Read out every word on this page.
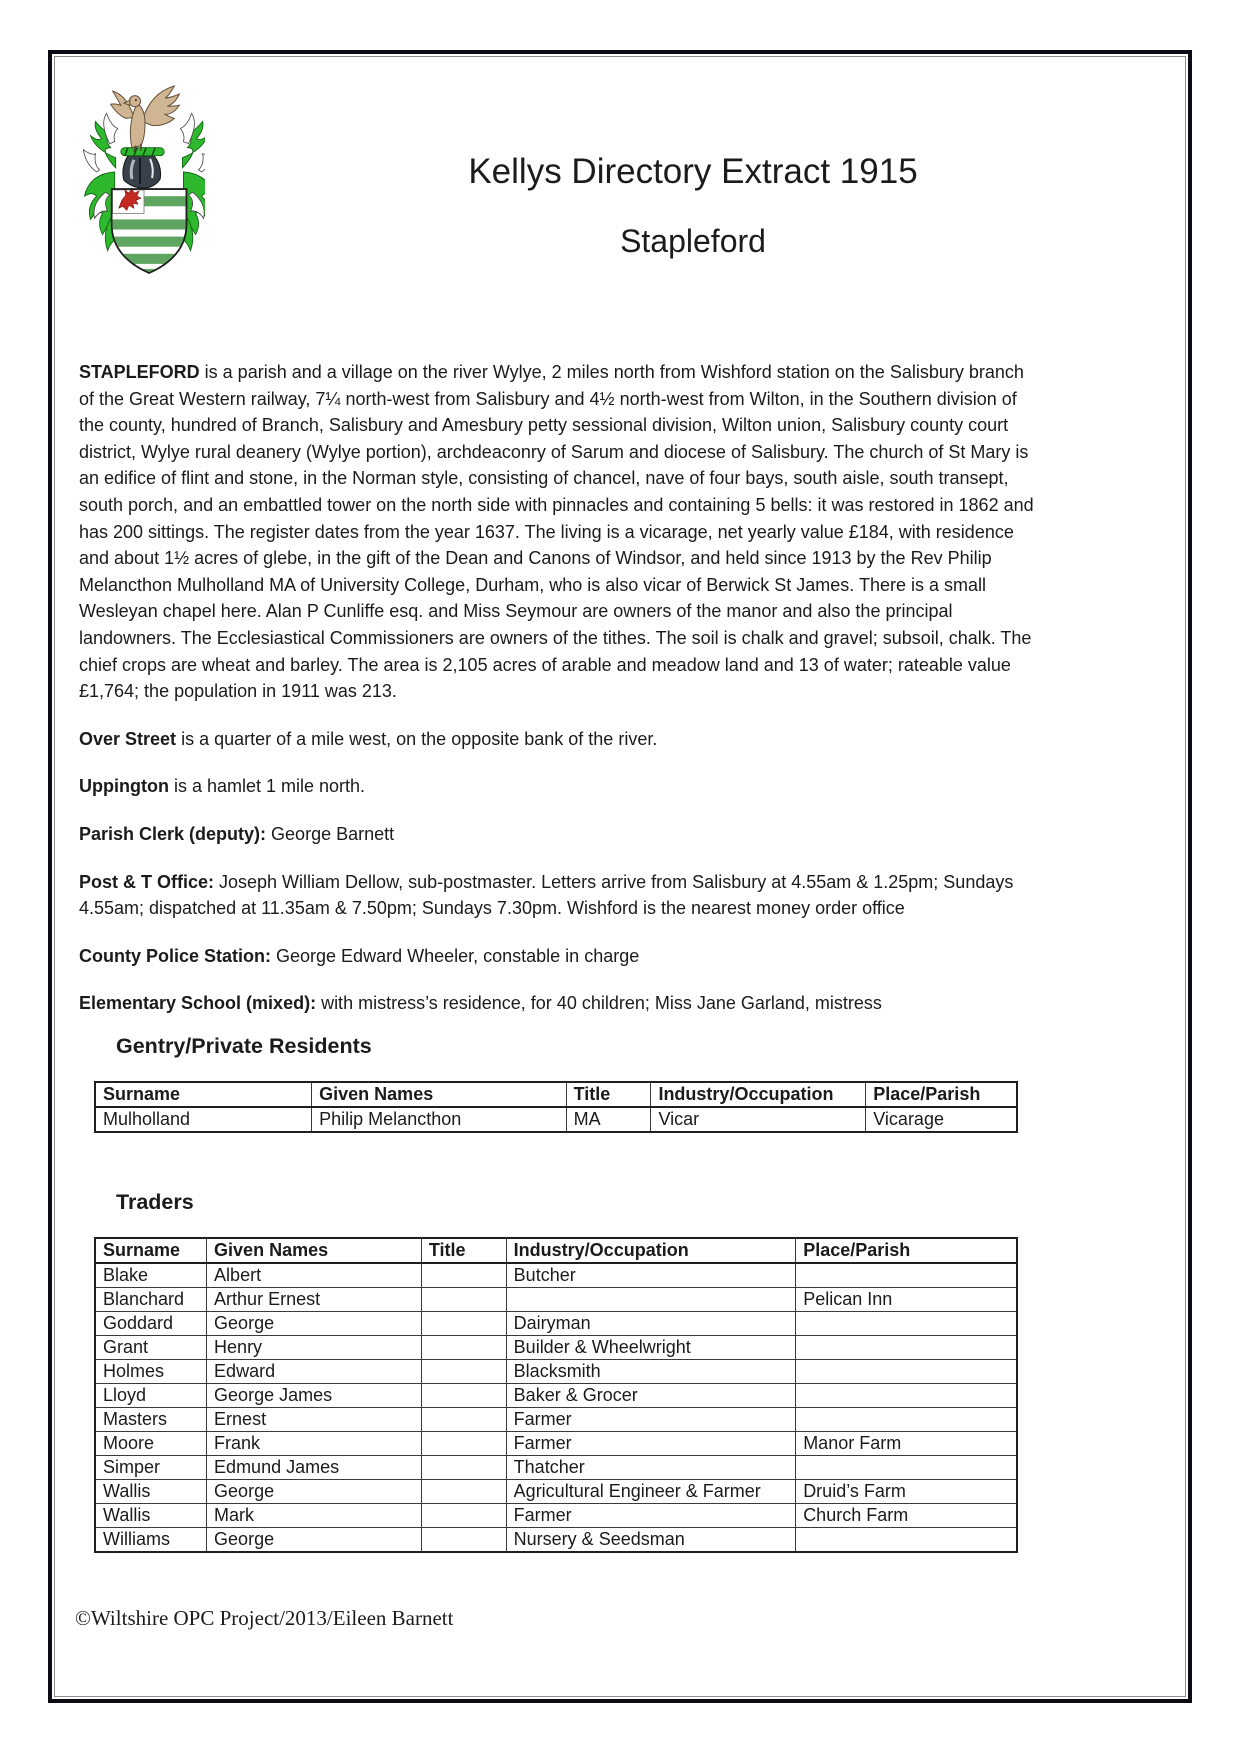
Kellys Directory Extract 1915
Stapleford

STAPLEFORD is a parish and a village on the river Wylye, 2 miles north from Wishford station on the Salisbury branch of the Great Western railway, 7¼ north-west from Salisbury and 4½ north-west from Wilton, in the Southern division of the county, hundred of Branch, Salisbury and Amesbury petty sessional division, Wilton union, Salisbury county court district, Wylye rural deanery (Wylye portion), archdeaconry of Sarum and diocese of Salisbury. The church of St Mary is an edifice of flint and stone, in the Norman style, consisting of chancel, nave of four bays, south aisle, south transept, south porch, and an embattled tower on the north side with pinnacles and containing 5 bells: it was restored in 1862 and has 200 sittings. The register dates from the year 1637. The living is a vicarage, net yearly value £184, with residence and about 1½ acres of glebe, in the gift of the Dean and Canons of Windsor, and held since 1913 by the Rev Philip Melancthon Mulholland MA of University College, Durham, who is also vicar of Berwick St James. There is a small Wesleyan chapel here. Alan P Cunliffe esq. and Miss Seymour are owners of the manor and also the principal landowners. The Ecclesiastical Commissioners are owners of the tithes. The soil is chalk and gravel; subsoil, chalk. The chief crops are wheat and barley. The area is 2,105 acres of arable and meadow land and 13 of water; rateable value £1,764; the population in 1911 was 213.

Over Street is a quarter of a mile west, on the opposite bank of the river.

Uppington is a hamlet 1 mile north.

Parish Clerk (deputy): George Barnett

Post & T Office: Joseph William Dellow, sub-postmaster. Letters arrive from Salisbury at 4.55am & 1.25pm; Sundays 4.55am; dispatched at 11.35am & 7.50pm; Sundays 7.30pm. Wishford is the nearest money order office

County Police Station: George Edward Wheeler, constable in charge

Elementary School (mixed): with mistress’s residence, for 40 children; Miss Jane Garland, mistress

Gentry/Private Residents
Surname	Given Names	Title	Industry/Occupation	Place/Parish
Mulholland	Philip Melancthon	MA	Vicar	Vicarage
Traders
Surname	Given Names	Title	Industry/Occupation	Place/Parish
Blake	Albert		Butcher	
Blanchard	Arthur Ernest			Pelican Inn
Goddard	George		Dairyman	
Grant	Henry		Builder & Wheelwright	
Holmes	Edward		Blacksmith	
Lloyd	George James		Baker & Grocer	
Masters	Ernest		Farmer	
Moore	Frank		Farmer	Manor Farm
Simper	Edmund James		Thatcher	
Wallis	George		Agricultural Engineer & Farmer	Druid’s Farm
Wallis	Mark		Farmer	Church Farm
Williams	George		Nursery & Seedsman	
©Wiltshire OPC Project/2013/Eileen Barnett
